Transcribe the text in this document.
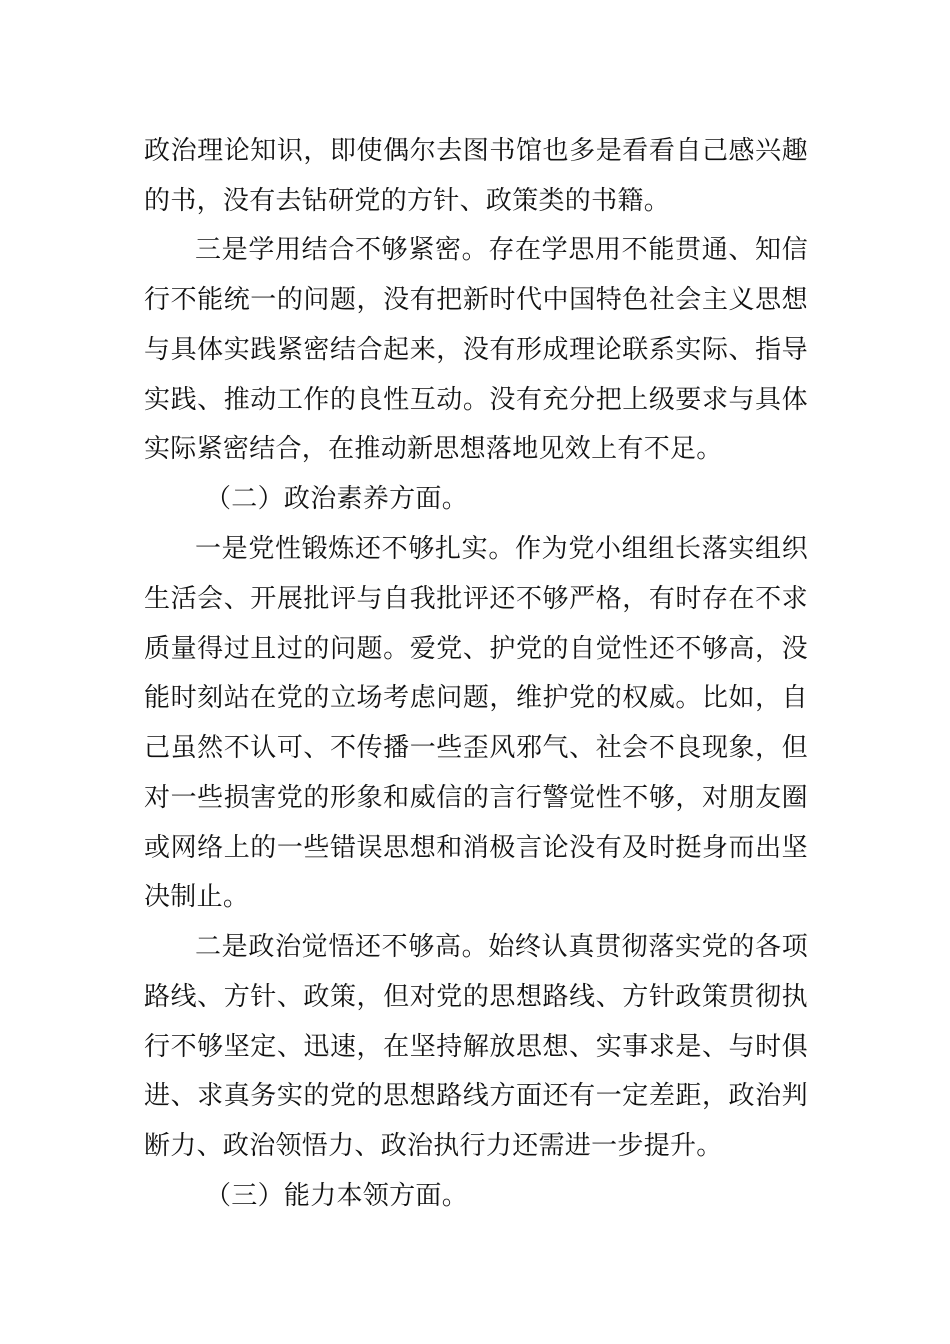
政治理论知识，即使偶尔去图书馆也多是看看自己感兴趣
的书，没有去钻研党的方针、政策类的书籍。
三是学用结合不够紧密。存在学思用不能贯通、知信
行不能统一的问题，没有把新时代中国特色社会主义思想
与具体实践紧密结合起来，没有形成理论联系实际、指导
实践、推动工作的良性互动。没有充分把上级要求与具体
实际紧密结合，在推动新思想落地见效上有不足。
（二）政治素养方面。
一是党性锻炼还不够扎实。作为党小组组长落实组织
生活会、开展批评与自我批评还不够严格，有时存在不求
质量得过且过的问题。爱党、护党的自觉性还不够高，没
能时刻站在党的立场考虑问题，维护党的权威。比如，自
己虽然不认可、不传播一些歪风邪气、社会不良现象，但
对一些损害党的形象和威信的言行警觉性不够，对朋友圈
或网络上的一些错误思想和消极言论没有及时挺身而出坚
决制止。
二是政治觉悟还不够高。始终认真贯彻落实党的各项
路线、方针、政策，但对党的思想路线、方针政策贯彻执
行不够坚定、迅速，在坚持解放思想、实事求是、与时俱
进、求真务实的党的思想路线方面还有一定差距，政治判
断力、政治领悟力、政治执行力还需进一步提升。
（三）能力本领方面。
